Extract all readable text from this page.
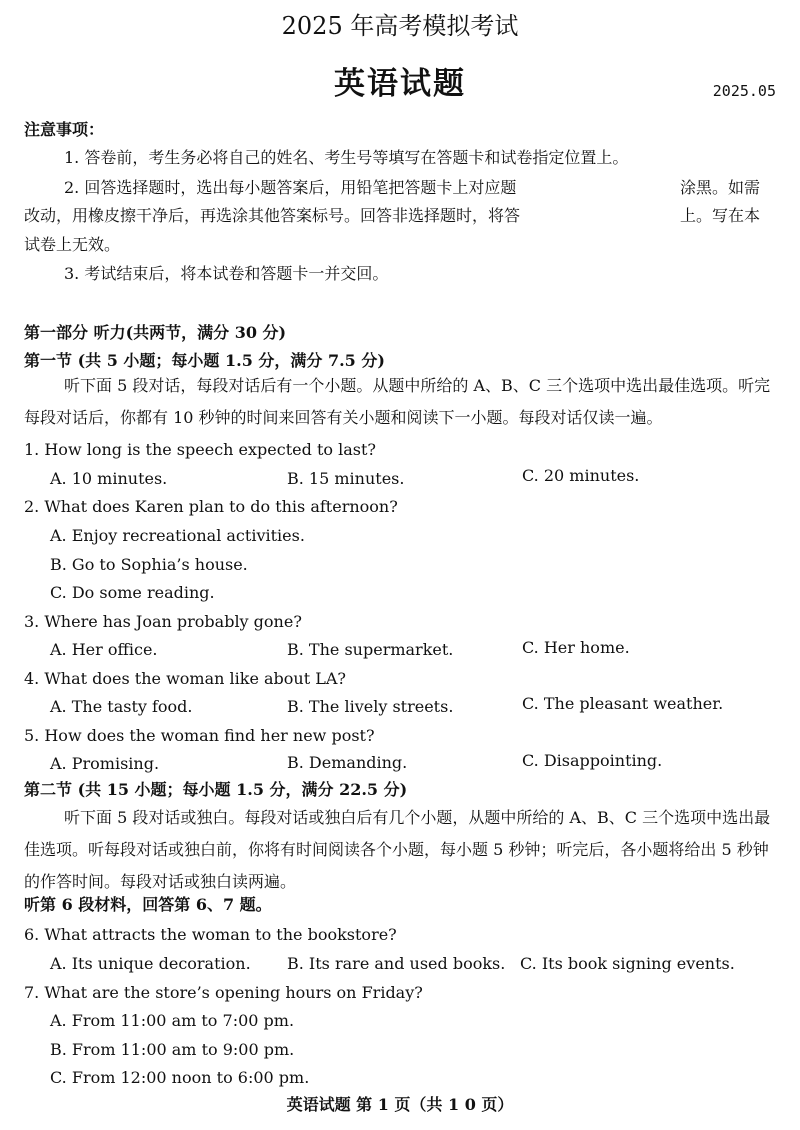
2025 年高考模拟考试
英语试题	2025.05
注意事项：
1. 答卷前，考生务必将自己的姓名、考生号等填写在答题卡和试卷指定位置上。
2. 回答选择题时，选出每小题答案后，用铅笔把答题卡上对应题	涂黑。如需
改动，用橡皮擦干净后，再选涂其他答案标号。回答非选择题时，将答	上。写在本
试卷上无效。
3. 考试结束后，将本试卷和答题卡一并交回。
第一部分 听力(共两节，满分 30 分)
第一节 (共 5 小题；每小题 1.5 分，满分 7.5 分)
听下面 5 段对话，每段对话后有一个小题。从题中所给的 A、B、C 三个选项中选出最佳选项。听完每段对话后，你都有 10 秒钟的时间来回答有关小题和阅读下一小题。每段对话仅读一遍。
1. How long is the speech expected to last?
A. 10 minutes.	B. 15 minutes.	C. 20 minutes.
2. What does Karen plan to do this afternoon?
A. Enjoy recreational activities.
B. Go to Sophia’s house.
C. Do some reading.
3. Where has Joan probably gone?
A. Her office.	B. The supermarket.	C. Her home.
4. What does the woman like about LA?
A. The tasty food.	B. The lively streets.	C. The pleasant weather.
5. How does the woman find her new post?
A. Promising.	B. Demanding.	C. Disappointing.
第二节 (共 15 小题；每小题 1.5 分，满分 22.5 分)
听下面 5 段对话或独白。每段对话或独白后有几个小题，从题中所给的 A、B、C 三个选项中选出最佳选项。听每段对话或独白前，你将有时间阅读各个小题，每小题 5 秒钟；听完后，各小题将给出 5 秒钟的作答时间。每段对话或独白读两遍。
听第 6 段材料，回答第 6、7 题。
6. What attracts the woman to the bookstore?
A. Its unique decoration. B. Its rare and used books. C. Its book signing events.
7. What are the store’s opening hours on Friday?
A. From 11:00 am to 7:00 pm.
B. From 11:00 am to 9:00 pm.
C. From 12:00 noon to 6:00 pm.
英语试题 第 1 页（共 1 0 页）
